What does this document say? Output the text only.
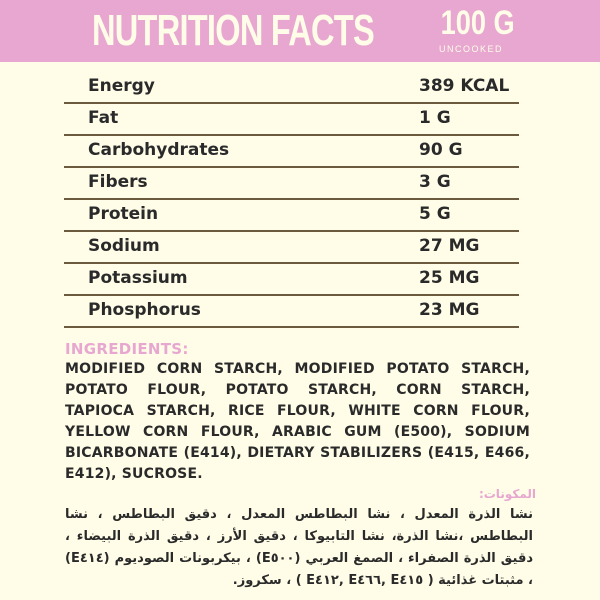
NUTRITION FACTS 100 G
UNCOOKED
Energy	389 KCAL
Fat	1 G
Carbohydrates	90 G
Fibers	3 G
Protein	5 G
Sodium	27 MG
Potassium	25 MG
Phosphorus	23 MG
INGREDIENTS:
MODIFIED CORN STARCH, MODIFIED POTATO STARCH, POTATO FLOUR, POTATO STARCH, CORN STARCH, TAPIOCA STARCH, RICE FLOUR, WHITE CORN FLOUR, YELLOW CORN FLOUR, ARABIC GUM (E500), SODIUM BICARBONATE (E414), DIETARY STABILIZERS (E415, E466, E412), SUCROSE.
المكونات:
نشا الذرة المعدل ، نشا البطاطس المعدل ، دقيق البطاطس ، نشا البطاطس ،نشا الذرة، نشا التابيوكا ، دقيق الأرز ، دقيق الذرة البيضاء ، دقيق الذرة الصفراء ، الصمغ العربي (E٥٠٠) ، بيكربونات الصوديوم (E٤١٤) ، مثبتات غذائية ( E٤١٥ ,E٤٦٦ ,E٤١٢ ) ، سكروز.
